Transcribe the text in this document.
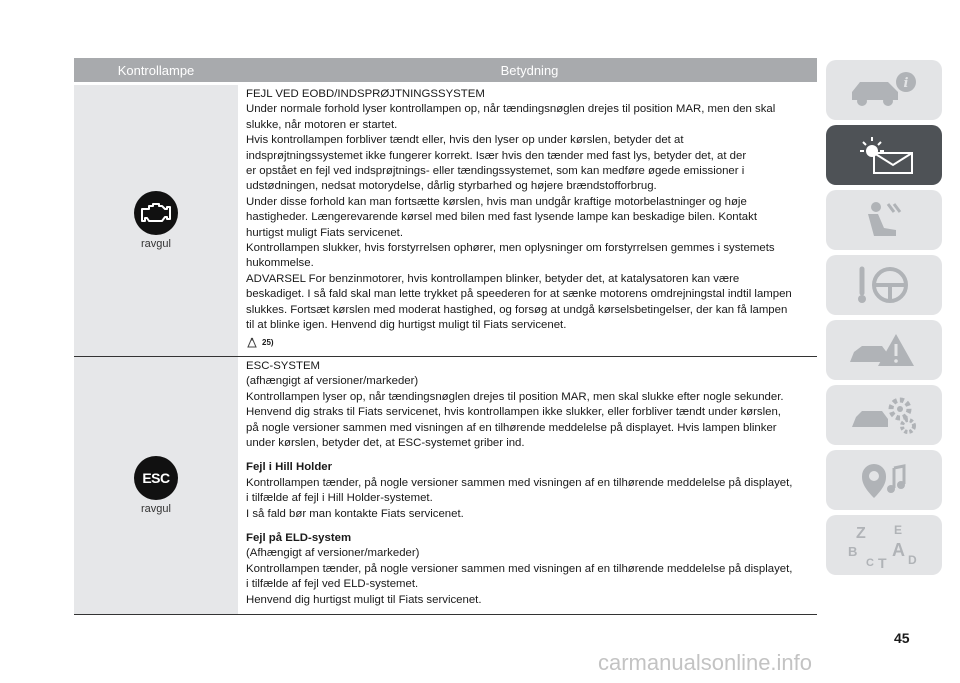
Kontrollampe	Betydning
ravgul
FEJL VED EOBD/INDSPRØJTNINGSSYSTEM
Under normale forhold lyser kontrollampen op, når tændingsnøglen drejes til position MAR, men den skal
slukke, når motoren er startet.
Hvis kontrollampen forbliver tændt eller, hvis den lyser op under kørslen, betyder det at
indsprøjtningssystemet ikke fungerer korrekt. Især hvis den tænder med fast lys, betyder det, at der
er opstået en fejl ved indsprøjtnings- eller tændingssystemet, som kan medføre øgede emissioner i
udstødningen, nedsat motorydelse, dårlig styrbarhed og højere brændstofforbrug.
Under disse forhold kan man fortsætte kørslen, hvis man undgår kraftige motorbelastninger og høje
hastigheder. Længerevarende kørsel med bilen med fast lysende lampe kan beskadige bilen. Kontakt
hurtigst muligt Fiats servicenet.
Kontrollampen slukker, hvis forstyrrelsen ophører, men oplysninger om forstyrrelsen gemmes i systemets
hukommelse.
ADVARSEL For benzinmotorer, hvis kontrollampen blinker, betyder det, at katalysatoren kan være
beskadiget. I så fald skal man lette trykket på speederen for at sænke motorens omdrejningstal indtil lampen
slukkes. Fortsæt kørslen med moderat hastighed, og forsøg at undgå kørselsbetingelser, der kan få lampen
til at blinke igen. Henvend dig hurtigst muligt til Fiats servicenet.
25)
ESC
ravgul
ESC-SYSTEM
(afhængigt af versioner/markeder)
Kontrollampen lyser op, når tændingsnøglen drejes til position MAR, men skal slukke efter nogle sekunder.
Henvend dig straks til Fiats servicenet, hvis kontrollampen ikke slukker, eller forbliver tændt under kørslen,
på nogle versioner sammen med visningen af en tilhørende meddelelse på displayet. Hvis lampen blinker
under kørslen, betyder det, at ESC-systemet griber ind.
Fejl i Hill Holder
Kontrollampen tænder, på nogle versioner sammen med visningen af en tilhørende meddelelse på displayet,
i tilfælde af fejl i Hill Holder-systemet.
I så fald bør man kontakte Fiats servicenet.
Fejl på ELD-system
(Afhængigt af versioner/markeder)
Kontrollampen tænder, på nogle versioner sammen med visningen af en tilhørende meddelelse på displayet,
i tilfælde af fejl ved ELD-systemet.
Henvend dig hurtigst muligt til Fiats servicenet.
i
Z E
B A
C T D
45
carmanualsonline.info
